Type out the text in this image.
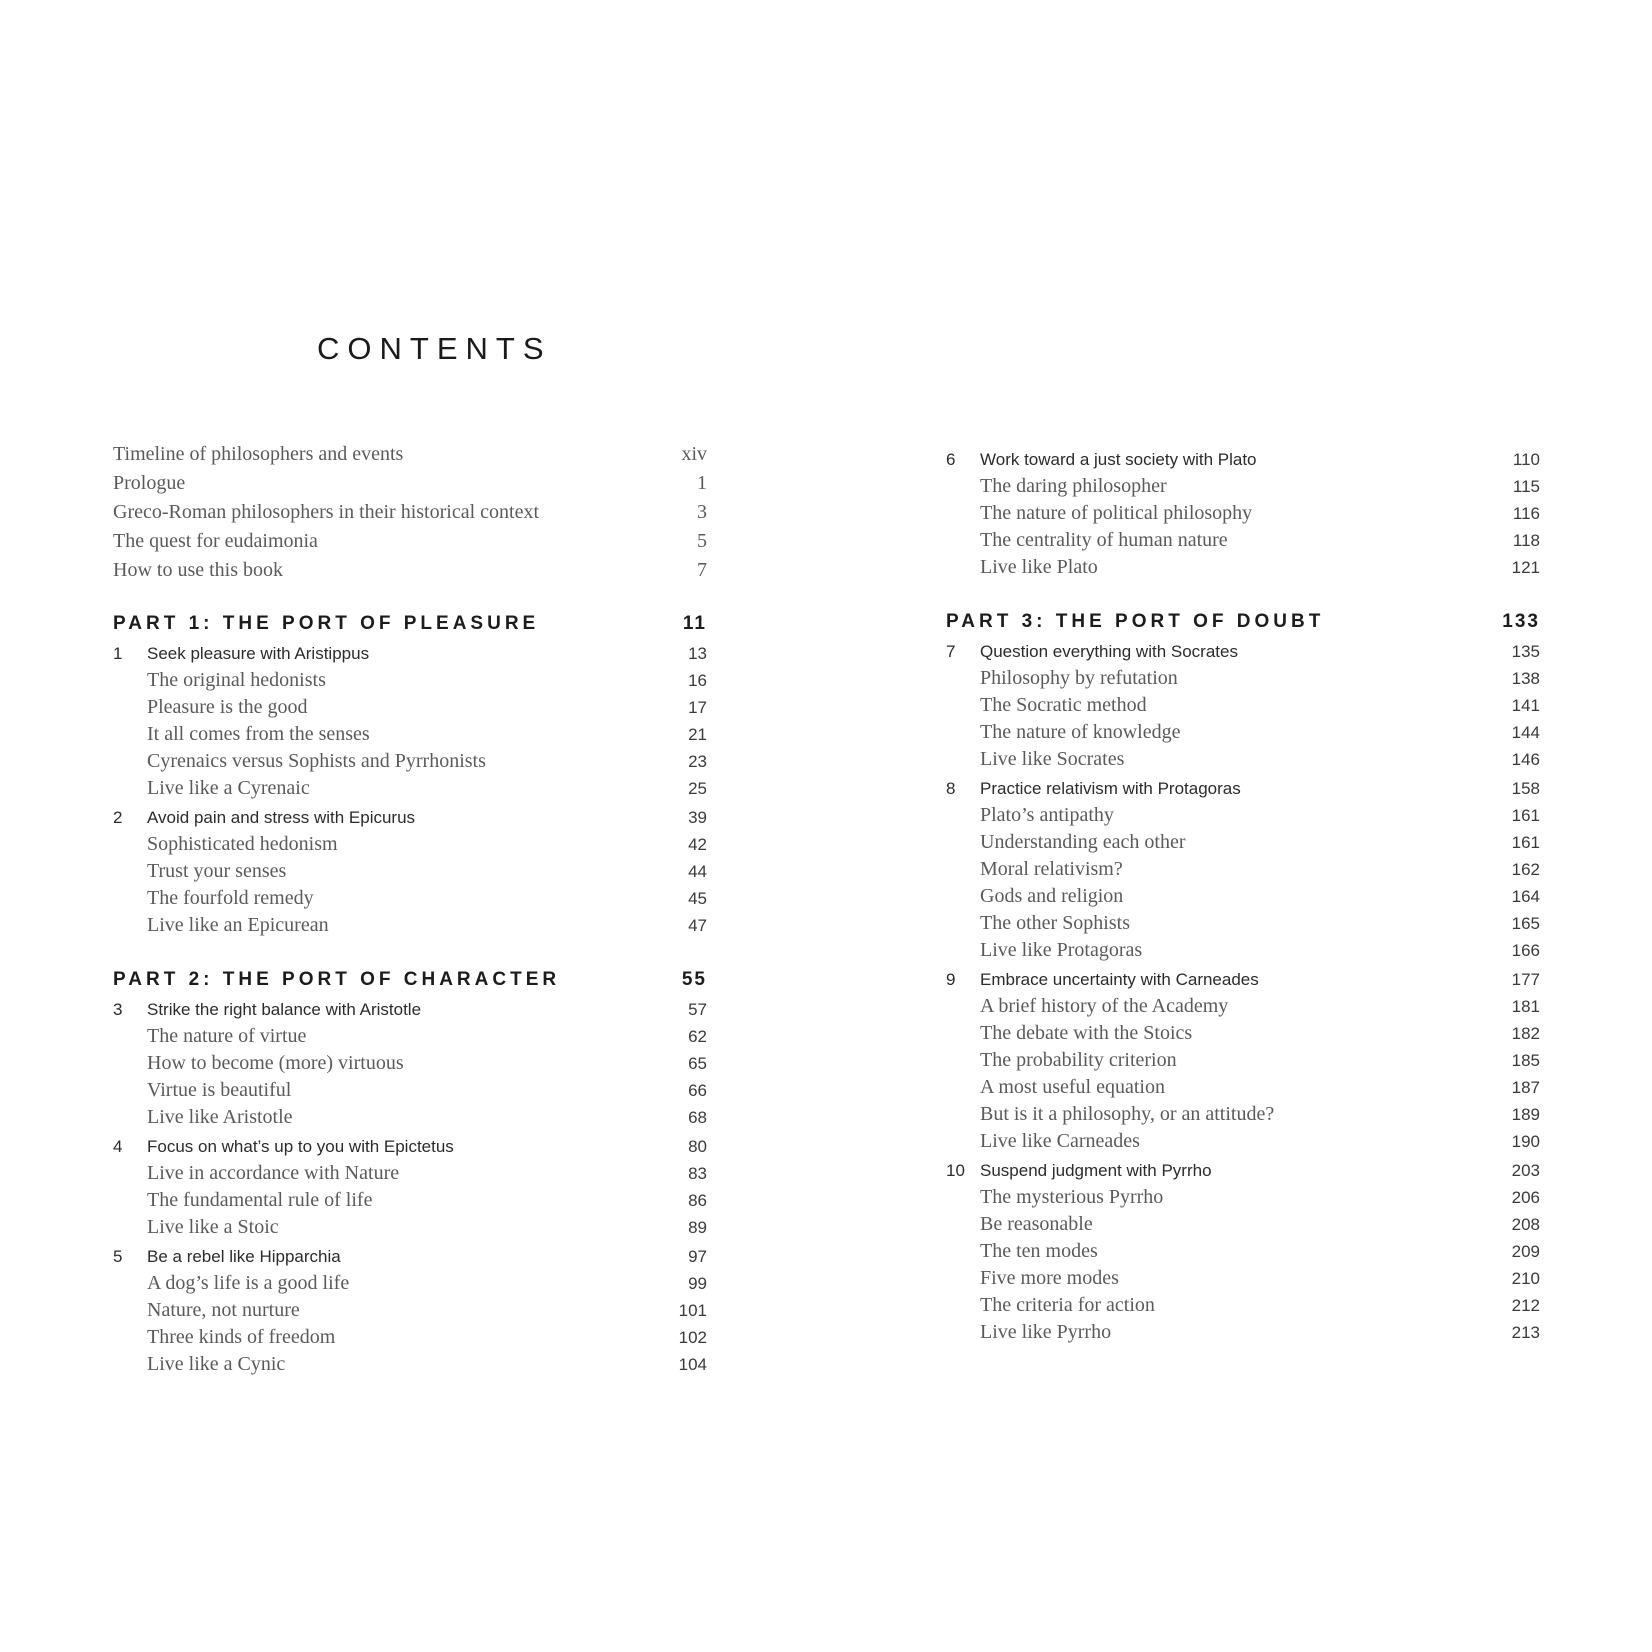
CONTENTS
Timeline of philosophers and events	xiv
Prologue	1
Greco-Roman philosophers in their historical context	3
The quest for eudaimonia	5
How to use this book	7
PART 1: THE PORT OF PLEASURE	11
1	Seek pleasure with Aristippus	13
The original hedonists	16
Pleasure is the good	17
It all comes from the senses	21
Cyrenaics versus Sophists and Pyrrhonists	23
Live like a Cyrenaic	25
2	Avoid pain and stress with Epicurus	39
Sophisticated hedonism	42
Trust your senses	44
The fourfold remedy	45
Live like an Epicurean	47
PART 2: THE PORT OF CHARACTER	55
3	Strike the right balance with Aristotle	57
The nature of virtue	62
How to become (more) virtuous	65
Virtue is beautiful	66
Live like Aristotle	68
4	Focus on what’s up to you with Epictetus	80
Live in accordance with Nature	83
The fundamental rule of life	86
Live like a Stoic	89
5	Be a rebel like Hipparchia	97
A dog’s life is a good life	99
Nature, not nurture	101
Three kinds of freedom	102
Live like a Cynic	104
6	Work toward a just society with Plato	110
The daring philosopher	115
The nature of political philosophy	116
The centrality of human nature	118
Live like Plato	121
PART 3: THE PORT OF DOUBT	133
7	Question everything with Socrates	135
Philosophy by refutation	138
The Socratic method	141
The nature of knowledge	144
Live like Socrates	146
8	Practice relativism with Protagoras	158
Plato’s antipathy	161
Understanding each other	161
Moral relativism?	162
Gods and religion	164
The other Sophists	165
Live like Protagoras	166
9	Embrace uncertainty with Carneades	177
A brief history of the Academy	181
The debate with the Stoics	182
The probability criterion	185
A most useful equation	187
But is it a philosophy, or an attitude?	189
Live like Carneades	190
10 Suspend judgment with Pyrrho	203
The mysterious Pyrrho	206
Be reasonable	208
The ten modes	209
Five more modes	210
The criteria for action	212
Live like Pyrrho	213
